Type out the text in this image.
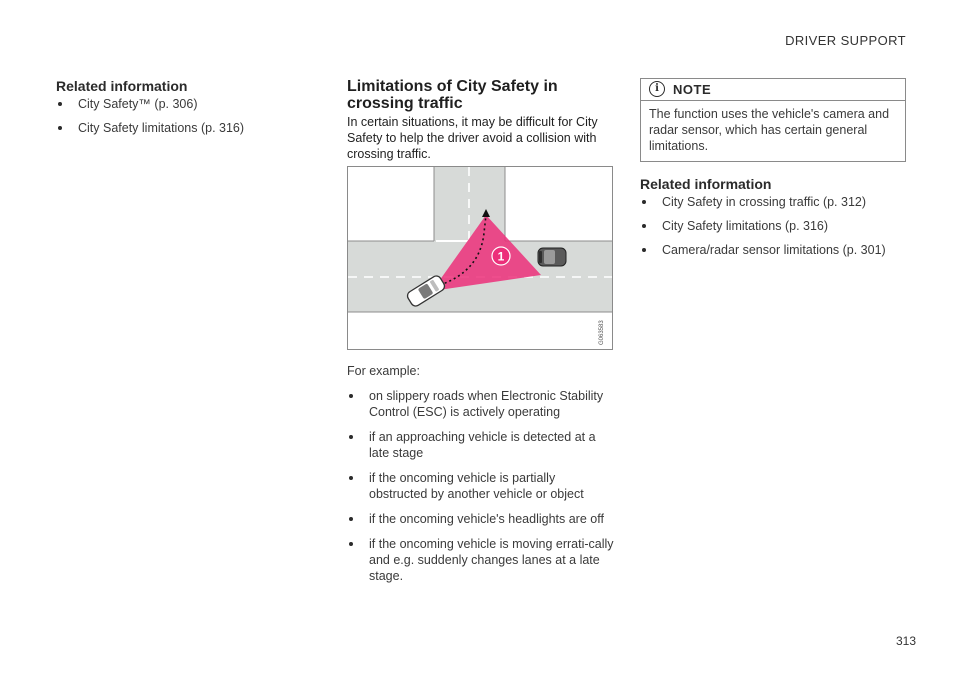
DRIVER SUPPORT
Related information
City Safety™ (p. 306)
City Safety limitations (p. 316)
Limitations of City Safety in crossing traffic

In certain situations, it may be difficult for City Safety to help the driver avoid a collision with crossing traffic.

1
G063583

For example:

on slippery roads when Electronic Stability Control (ESC) is actively operating
if an approaching vehicle is detected at a late stage
if the oncoming vehicle is partially obstructed by another vehicle or object
if the oncoming vehicle's headlights are off
if the oncoming vehicle is moving errati-cally and e.g. suddenly changes lanes at a late stage.
i	NOTE
The function uses the vehicle's camera and radar sensor, which has certain general limitations.
Related information
City Safety in crossing traffic (p. 312)
City Safety limitations (p. 316)
Camera/radar sensor limitations (p. 301)
313
